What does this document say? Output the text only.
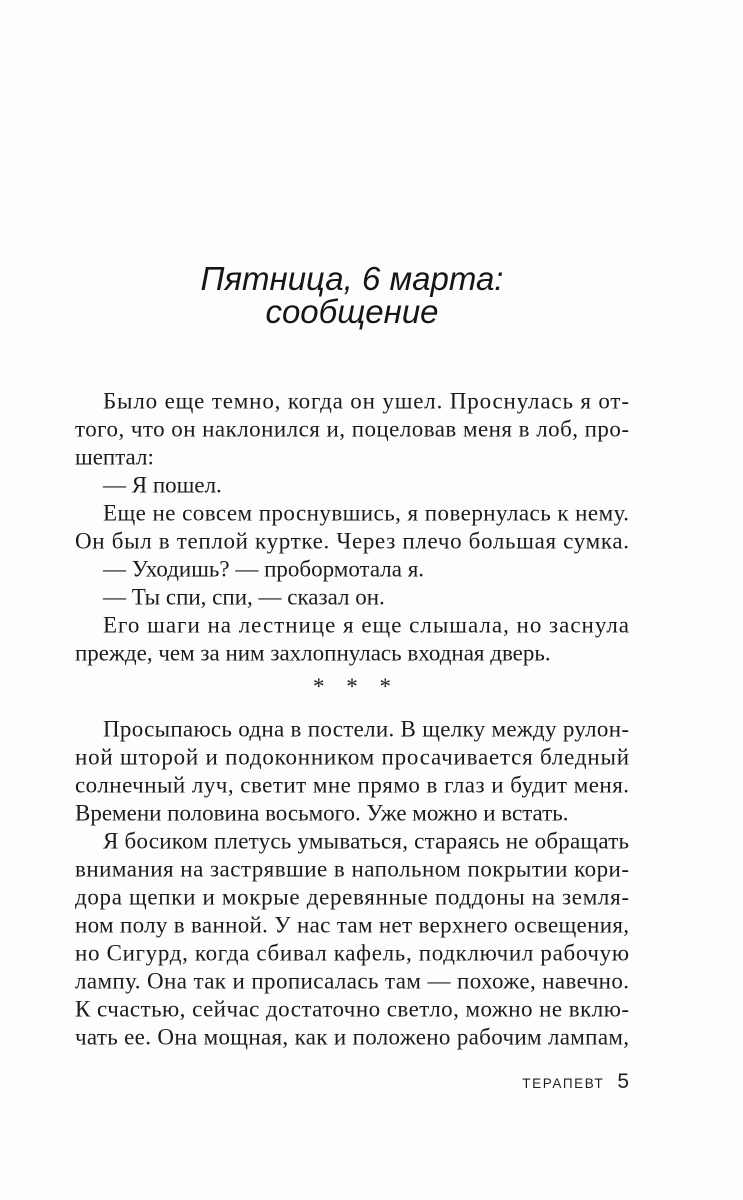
Пятница, 6 марта:
сообщение
Было еще темно, когда он ушел. Проснулась я от-
того, что он наклонился и, поцеловав меня в лоб, про-
шептал:
— Я пошел.
Еще не совсем проснувшись, я повернулась к нему.
Он был в теплой куртке. Через плечо большая сумка.
— Уходишь? — пробормотала я.
— Ты спи, спи, — сказал он.
Его шаги на лестнице я еще слышала, но заснула
прежде, чем за ним захлопнулась входная дверь.
* * *
Просыпаюсь одна в постели. В щелку между рулон-
ной шторой и подоконником просачивается бледный
солнечный луч, светит мне прямо в глаз и будит меня.
Времени половина восьмого. Уже можно и встать.
Я босиком плетусь умываться, стараясь не обращать
внимания на застрявшие в напольном покрытии кори-
дора щепки и мокрые деревянные поддоны на земля-
ном полу в ванной. У нас там нет верхнего освещения,
но Сигурд, когда сбивал кафель, подключил рабочую
лампу. Она так и прописалась там — похоже, навечно.
К счастью, сейчас достаточно светло, можно не вклю-
чать ее. Она мощная, как и положено рабочим лампам,
ТЕРАПЕВТ 5
